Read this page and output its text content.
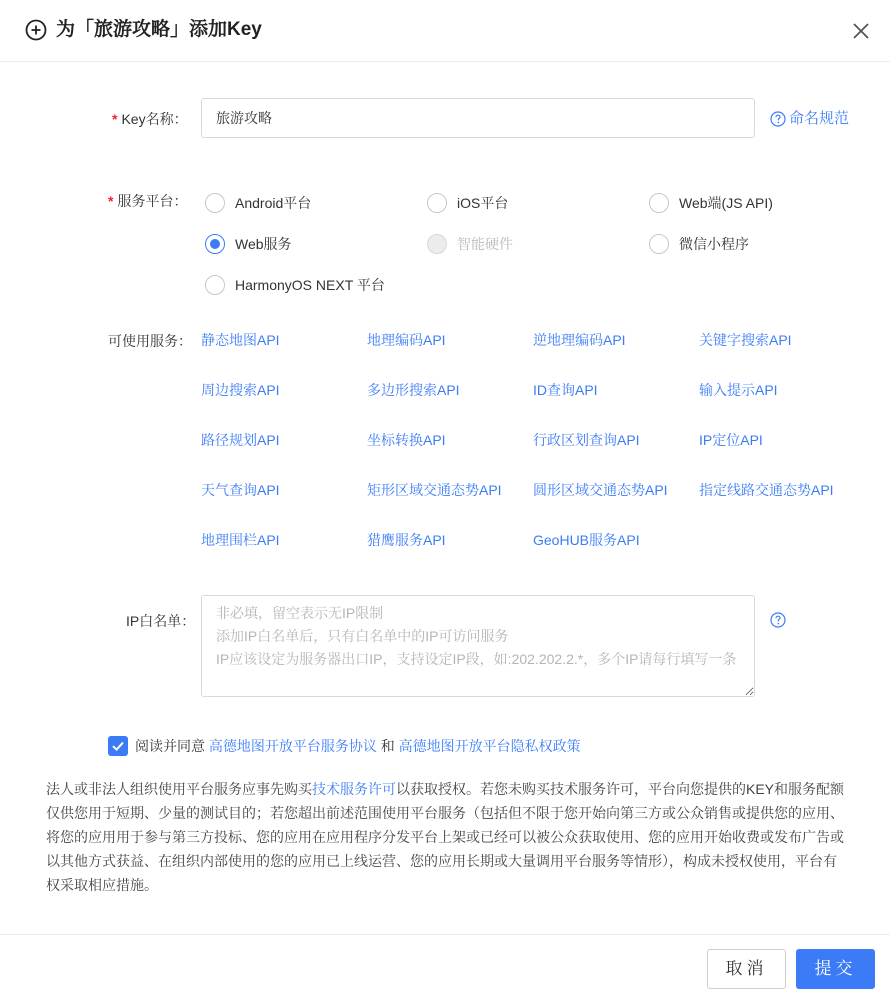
为「旅游攻略」添加Key
* Key名称：
旅游攻略	命名规范
* 服务平台：	Android平台	iOS平台	Web端(JS API)
Web服务	智能硬件	微信小程序
HarmonyOS NEXT 平台
可使用服务： 静态地图API	地理编码API	逆地理编码API	关键字搜索API
周边搜索API	多边形搜索API	ID查询API	输入提示API
路径规划API	坐标转换API	行政区划查询API	IP定位API
天气查询API	矩形区域交通态势API 圆形区域交通态势API 指定线路交通态势API
地理围栏API	猎鹰服务API	GeoHUB服务API
IP白名单：
非必填，留空表示无IP限制 添加IP白名单后，只有白名单中的IP可访问服务 IP应该设定为服务器出口IP，支持设定IP段，如:202.202.2.*，多个IP请每行填写一条
阅读并同意 高德地图开放平台服务协议 和 高德地图开放平台隐私权政策
法人或非法人组织使用平台服务应事先购买技术服务许可以获取授权。若您未购买技术服务许可，平台向您提供的KEY和服务配额仅供您用于短期、少量的测试目的；若您超出前述范围使用平台服务（包括但不限于您开始向第三方或公众销售或提供您的应用、将您的应用用于参与第三方投标、您的应用在应用程序分发平台上架或已经可以被公众获取使用、您的应用开始收费或发布广告或以其他方式获益、在组织内部使用的您的应用已上线运营、您的应用长期或大量调用平台服务等情形），构成未授权使用，平台有权采取相应措施。
取消	提交
